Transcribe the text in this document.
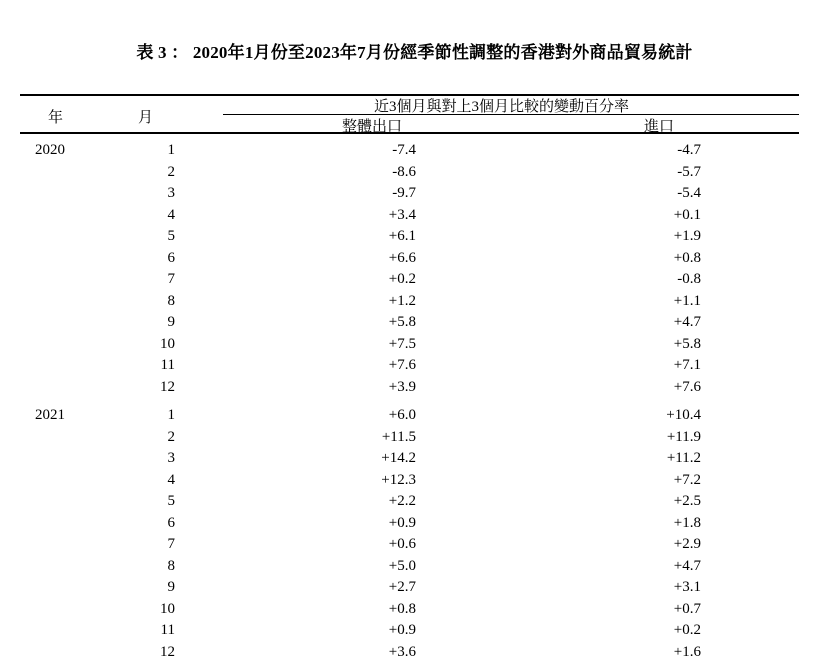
表 3 ： 2020年1月份至2023年7月份經季節性調整的香港對外商品貿易統計
年	月
近3個月與對上3個月比較的變動百分率
整體出口	進口
2020	1	-7.4	-4.7
	2	-8.6	-5.7
	3	-9.7	-5.4
	4	+3.4	+0.1
	5	+6.1	+1.9
	6	+6.6	+0.8
	7	+0.2	-0.8
	8	+1.2	+1.1
	9	+5.8	+4.7
	10	+7.5	+5.8
	11	+7.6	+7.1
	12	+3.9	+7.6

2021	1	+6.0	+10.4
	2	+11.5	+11.9
	3	+14.2	+11.2
	4	+12.3	+7.2
	5	+2.2	+2.5
	6	+0.9	+1.8
	7	+0.6	+2.9
	8	+5.0	+4.7
	9	+2.7	+3.1
	10	+0.8	+0.7
	11	+0.9	+0.2
	12	+3.6	+1.6
